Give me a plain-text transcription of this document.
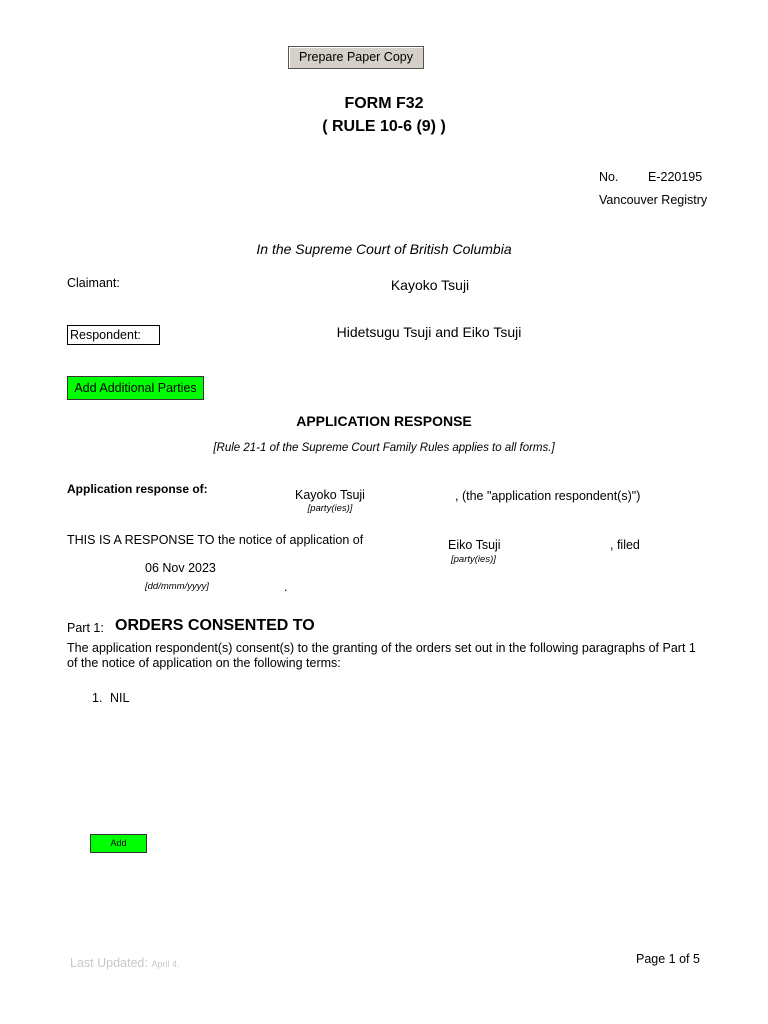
Prepare Paper Copy
FORM F32
( RULE 10-6 (9) )
No. E-220195
Vancouver Registry
In the Supreme Court of British Columbia
Claimant:	Kayoko Tsuji
Respondent:	Hidetsugu Tsuji and Eiko Tsuji
Add Additional Parties
APPLICATION RESPONSE
[Rule 21-1 of the Supreme Court Family Rules applies to all forms.]
Application response of:	Kayoko Tsuji
[party(ies)]
, (the "application respondent(s)")
THIS IS A RESPONSE TO the notice of application of	Eiko Tsuji
[party(ies)]
, filed
06 Nov 2023
[dd/mmm/yyyy]	.
Part 1: ORDERS CONSENTED TO
The application respondent(s) consent(s) to the granting of the orders set out in the following paragraphs of Part 1 of the notice of application on the following terms:
1. NIL
Add
Last Updated: April 4,	Page 1 of 5
